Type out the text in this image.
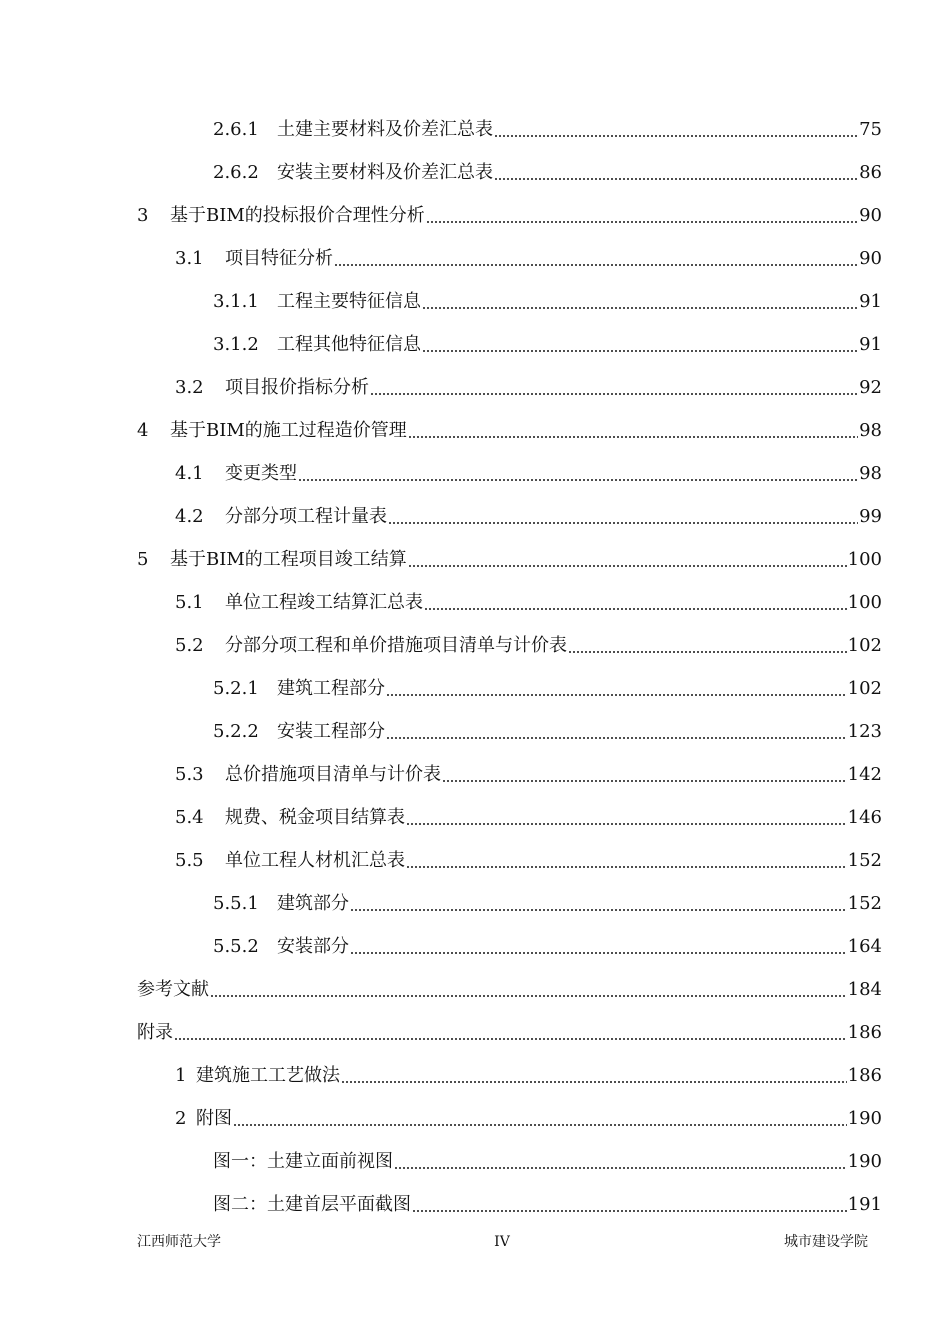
2.6.1	土建主要材料及价差汇总表	75
2.6.2	安装主要材料及价差汇总表	86
3	基于BIM的投标报价合理性分析	90
3.1	项目特征分析	90
3.1.1	工程主要特征信息	91
3.1.2	工程其他特征信息	91
3.2	项目报价指标分析	92
4	基于BIM的施工过程造价管理	98
4.1	变更类型	98
4.2	分部分项工程计量表	99
5	基于BIM的工程项目竣工结算	100
5.1	单位工程竣工结算汇总表	100
5.2	分部分项工程和单价措施项目清单与计价表	102
5.2.1	建筑工程部分	102
5.2.2	安装工程部分	123
5.3	总价措施项目清单与计价表	142
5.4	规费、税金项目结算表	146
5.5	单位工程人材机汇总表	152
5.5.1	建筑部分	152
5.5.2	安装部分	164
参考文献	184
附录	186
1 建筑施工工艺做法	186
2 附图	190
图一：土建立面前视图	190
图二：土建首层平面截图	191
江西师范大学	IV	城市建设学院
